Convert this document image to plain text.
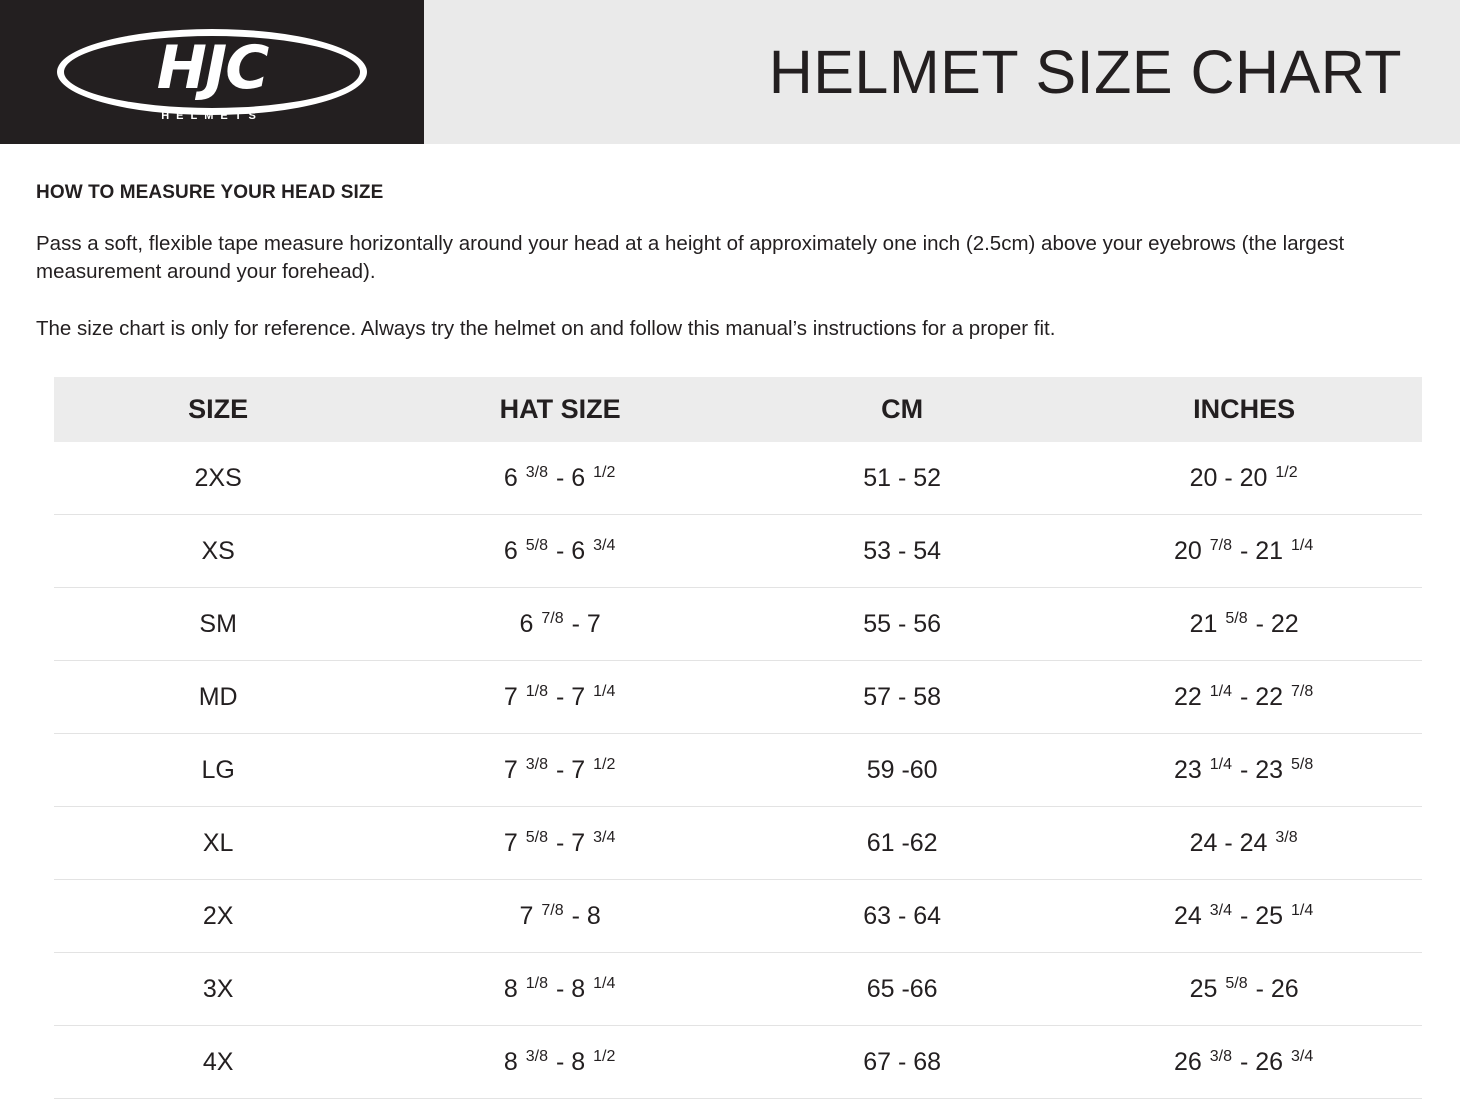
HJC
HELMETS
HELMET SIZE CHART
HOW TO MEASURE YOUR HEAD SIZE

Pass a soft, flexible tape measure horizontally around your head at a height of approximately one inch (2.5cm) above your eyebrows (the largest measurement around your forehead).

The size chart is only for reference. Always try the helmet on and follow this manual’s instructions for a proper fit.

SIZE	HAT SIZE	CM	INCHES
2XS	6 $^{3/8}$ - 6 $^{1/2}$	51 - 52	20 - 20 $^{1/2}$
XS	6 $^{5/8}$ - 6 $^{3/4}$	53 - 54	20 $^{7/8}$ - 21 $^{1/4}$
SM	6 $^{7/8}$ - 7	55 - 56	21 $^{5/8}$ - 22
MD	7 $^{1/8}$ - 7 $^{1/4}$	57 - 58	22 $^{1/4}$ - 22 $^{7/8}$
LG	7 $^{3/8}$ - 7 $^{1/2}$	59 -60	23 $^{1/4}$ - 23 $^{5/8}$
XL	7 $^{5/8}$ - 7 $^{3/4}$	61 -62	24 - 24 $^{3/8}$
2X	7 $^{7/8}$ - 8	63 - 64	24 $^{3/4}$ - 25 $^{1/4}$
3X	8 $^{1/8}$ - 8 $^{1/4}$	65 -66	25 $^{5/8}$ - 26
4X	8 $^{3/8}$ - 8 $^{1/2}$	67 - 68	26 $^{3/8}$ - 26 $^{3/4}$
